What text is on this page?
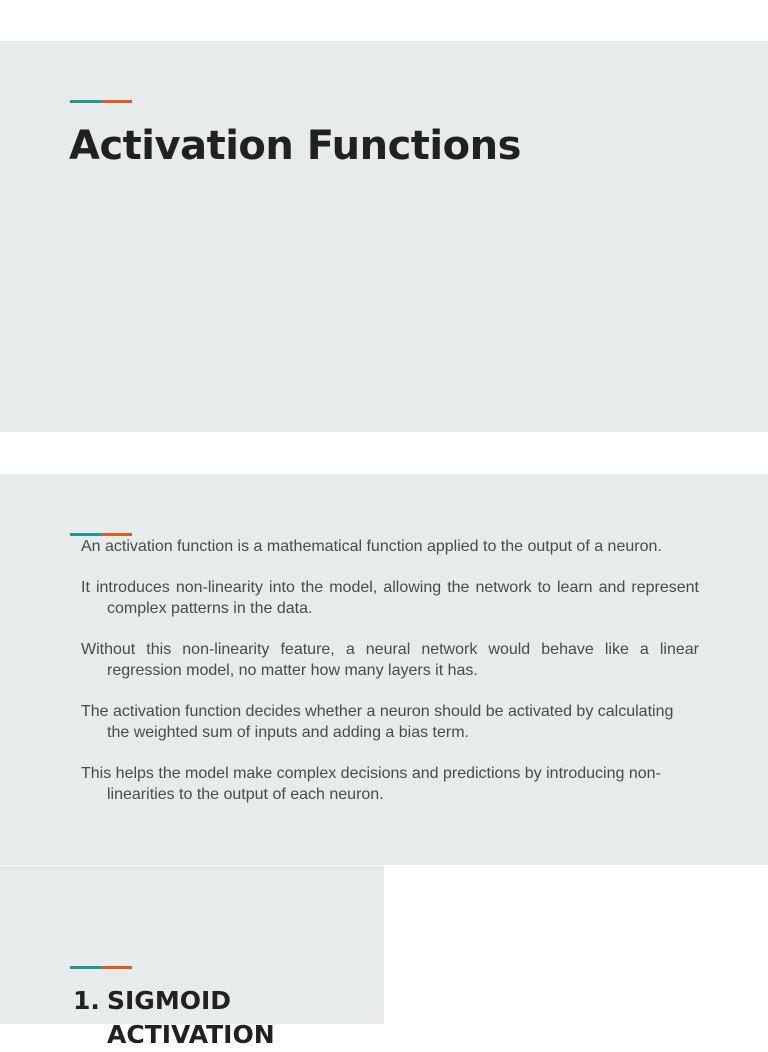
Activation Functions
An activation function is a mathematical function applied to the output of a neuron.
It introduces non-linearity into the model, allowing the network to learn and represent complex patterns in the data.
Without this non-linearity feature, a neural network would behave like a linear regression model, no matter how many layers it has.
The activation function decides whether a neuron should be activated by calculating the weighted sum of inputs and adding a bias term.
This helps the model make complex decisions and predictions by introducing non-linearities to the output of each neuron.
1. SIGMOID ACTIVATION
